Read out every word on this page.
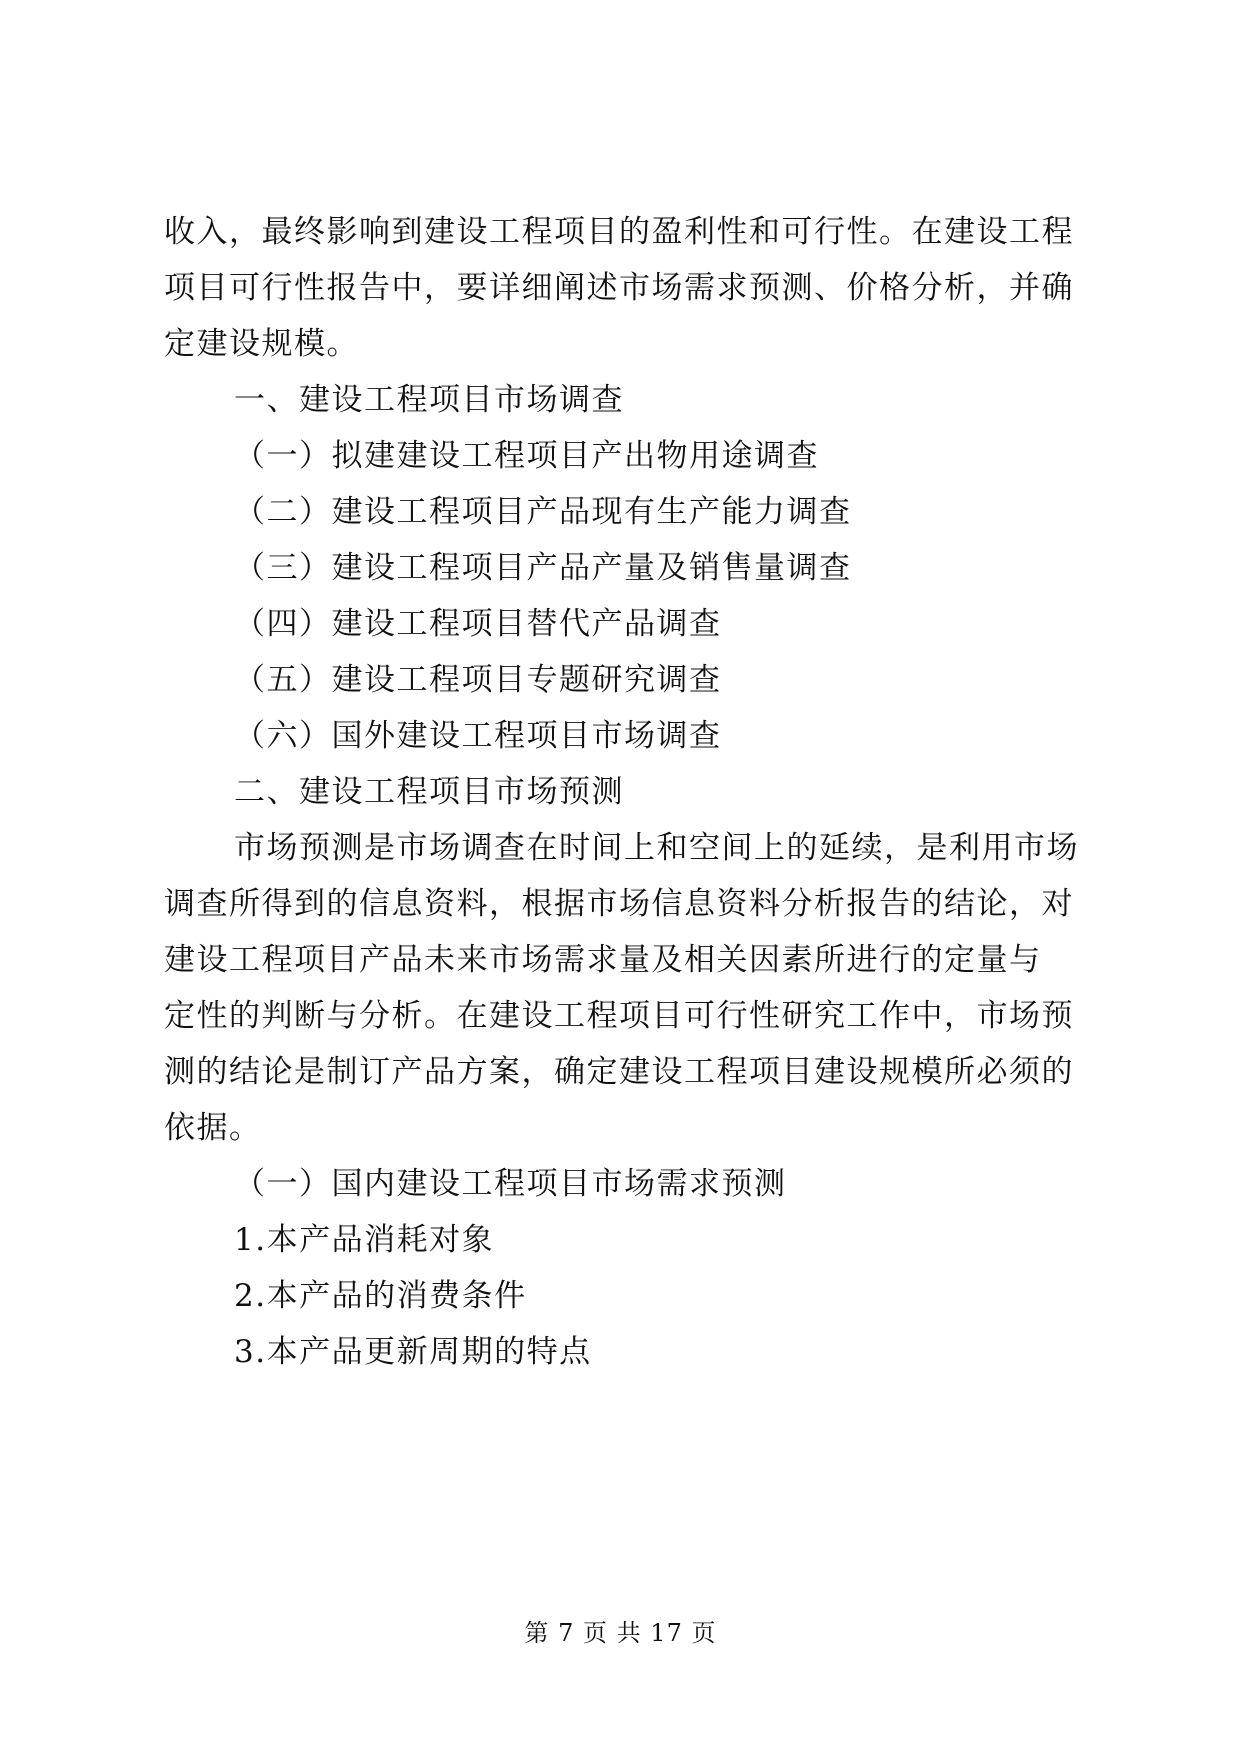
收入，最终影响到建设工程项目的盈利性和可行性。在建设工程
项目可行性报告中，要详细阐述市场需求预测、价格分析，并确
定建设规模。
一、建设工程项目市场调查
（一）拟建建设工程项目产出物用途调查
（二）建设工程项目产品现有生产能力调查
（三）建设工程项目产品产量及销售量调查
（四）建设工程项目替代产品调查
（五）建设工程项目专题研究调查
（六）国外建设工程项目市场调查
二、建设工程项目市场预测
市场预测是市场调查在时间上和空间上的延续，是利用市场
调查所得到的信息资料，根据市场信息资料分析报告的结论，对
建设工程项目产品未来市场需求量及相关因素所进行的定量与
定性的判断与分析。在建设工程项目可行性研究工作中，市场预
测的结论是制订产品方案，确定建设工程项目建设规模所必须的
依据。
（一）国内建设工程项目市场需求预测
1.本产品消耗对象
2.本产品的消费条件
3.本产品更新周期的特点
第 7 页 共 17 页
